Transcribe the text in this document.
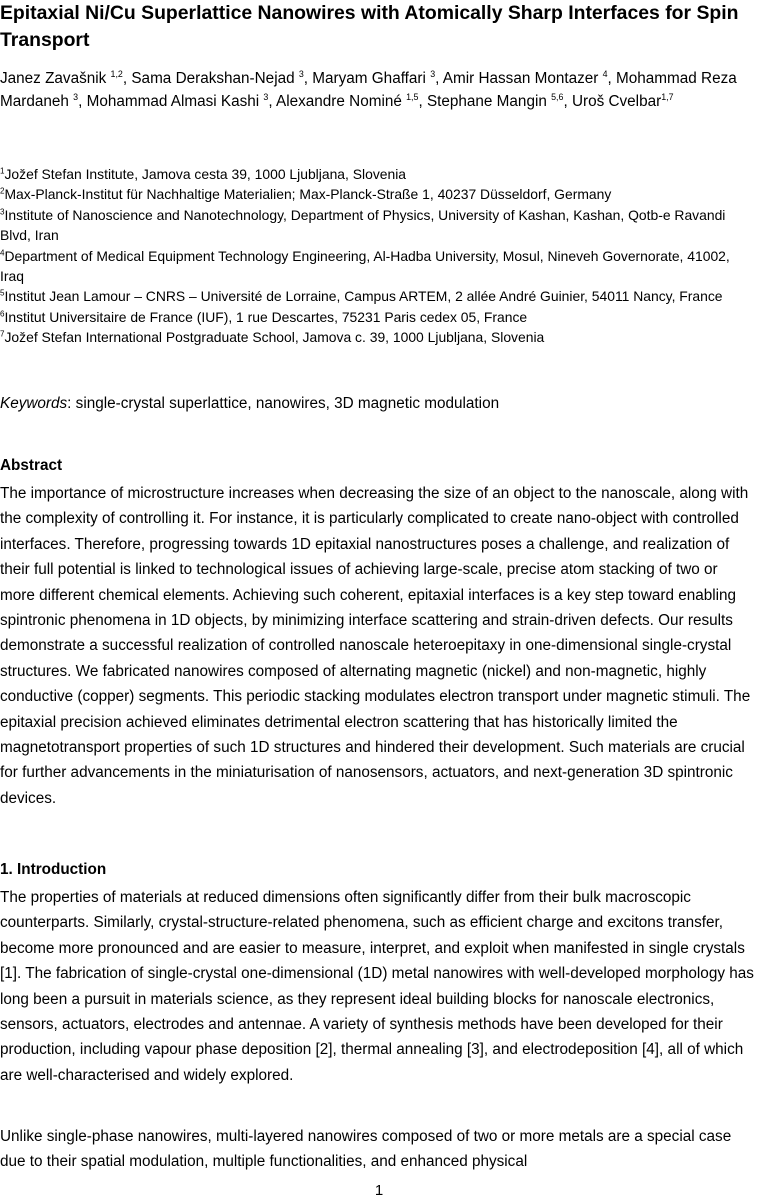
Epitaxial Ni/Cu Superlattice Nanowires with Atomically Sharp Interfaces for Spin Transport

Janez Zavašnik $^{1,2}$, Sama Derakshan-Nejad $^3$, Maryam Ghaffari $^3$, Amir Hassan Montazer $^4$, Mohammad Reza Mardaneh $^3$, Mohammad Almasi Kashi $^3$, Alexandre Nominé $^{1,5}$, Stephane Mangin $^{5,6}$, Uroš Cvelbar$^{1,7}$

$^1$Jožef Stefan Institute, Jamova cesta 39, 1000 Ljubljana, Slovenia
$^2$Max-Planck-Institut für Nachhaltige Materialien; Max-Planck-Straße 1, 40237 Düsseldorf, Germany
$^3$Institute of Nanoscience and Nanotechnology, Department of Physics, University of Kashan, Kashan, Qotb-e Ravandi Blvd, Iran
$^4$Department of Medical Equipment Technology Engineering, Al-Hadba University, Mosul, Nineveh Governorate, 41002, Iraq
$^5$Institut Jean Lamour – CNRS – Université de Lorraine, Campus ARTEM, 2 allée André Guinier, 54011 Nancy, France
$^6$Institut Universitaire de France (IUF), 1 rue Descartes, 75231 Paris cedex 05, France
$^7$Jožef Stefan International Postgraduate School, Jamova c. 39, 1000 Ljubljana, Slovenia

Keywords: single-crystal superlattice, nanowires, 3D magnetic modulation

Abstract

The importance of microstructure increases when decreasing the size of an object to the nanoscale, along with the complexity of controlling it. For instance, it is particularly complicated to create nano-object with controlled interfaces. Therefore, progressing towards 1D epitaxial nanostructures poses a challenge, and realization of their full potential is linked to technological issues of achieving large-scale, precise atom stacking of two or more different chemical elements. Achieving such coherent, epitaxial interfaces is a key step toward enabling spintronic phenomena in 1D objects, by minimizing interface scattering and strain-driven defects. Our results demonstrate a successful realization of controlled nanoscale heteroepitaxy in one-dimensional single-crystal structures. We fabricated nanowires composed of alternating magnetic (nickel) and non-magnetic, highly conductive (copper) segments. This periodic stacking modulates electron transport under magnetic stimuli. The epitaxial precision achieved eliminates detrimental electron scattering that has historically limited the magnetotransport properties of such 1D structures and hindered their development. Such materials are crucial for further advancements in the miniaturisation of nanosensors, actuators, and next-generation 3D spintronic devices.

1. Introduction

The properties of materials at reduced dimensions often significantly differ from their bulk macroscopic counterparts. Similarly, crystal-structure-related phenomena, such as efficient charge and excitons transfer, become more pronounced and are easier to measure, interpret, and exploit when manifested in single crystals [1]. The fabrication of single-crystal one-dimensional (1D) metal nanowires with well-developed morphology has long been a pursuit in materials science, as they represent ideal building blocks for nanoscale electronics, sensors, actuators, electrodes and antennae. A variety of synthesis methods have been developed for their production, including vapour phase deposition [2], thermal annealing [3], and electrodeposition [4], all of which are well-characterised and widely explored.

Unlike single-phase nanowires, multi-layered nanowires composed of two or more metals are a special case due to their spatial modulation, multiple functionalities, and enhanced physical

1
